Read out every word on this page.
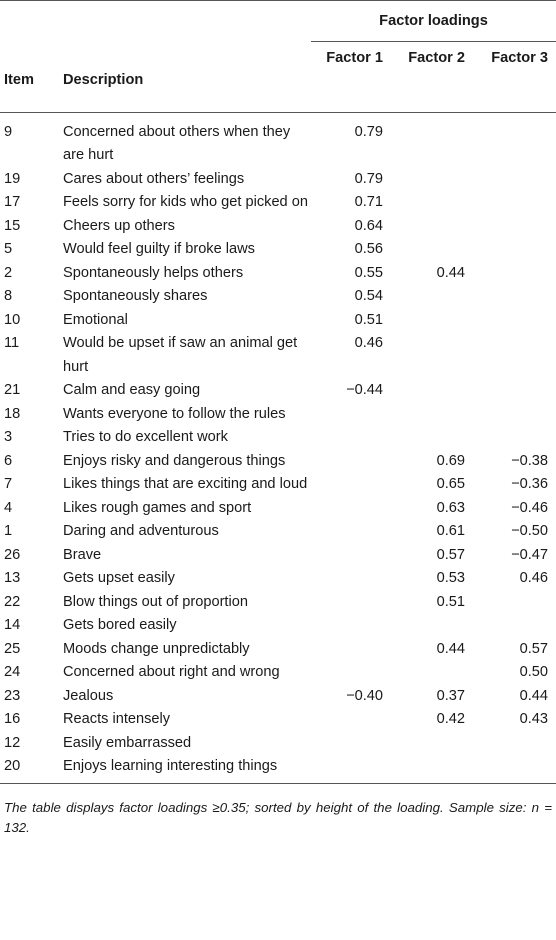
		Factor loadings		
Item	Description	Factor 1	Factor 2	Factor 3
9	Concerned about others when they are hurt	0.79		
19	Cares about others’ feelings	0.79		
17	Feels sorry for kids who get picked on	0.71		
15	Cheers up others	0.64		
5	Would feel guilty if broke laws	0.56		
2	Spontaneously helps others	0.55	0.44	
8	Spontaneously shares	0.54		
10	Emotional	0.51		
11	Would be upset if saw an animal get hurt	0.46		
21	Calm and easy going	−0.44		
18	Wants everyone to follow the rules			
3	Tries to do excellent work			
6	Enjoys risky and dangerous things		0.69	−0.38
7	Likes things that are exciting and loud		0.65	−0.36
4	Likes rough games and sport		0.63	−0.46
1	Daring and adventurous		0.61	−0.50
26	Brave		0.57	−0.47
13	Gets upset easily		0.53	0.46
22	Blow things out of proportion		0.51	
14	Gets bored easily			
25	Moods change unpredictably		0.44	0.57
24	Concerned about right and wrong			0.50
23	Jealous	−0.40	0.37	0.44
16	Reacts intensely		0.42	0.43
12	Easily embarrassed			
20	Enjoys learning interesting things			
The table displays factor loadings ≥0.35; sorted by height of the loading. Sample size: n = 132.
